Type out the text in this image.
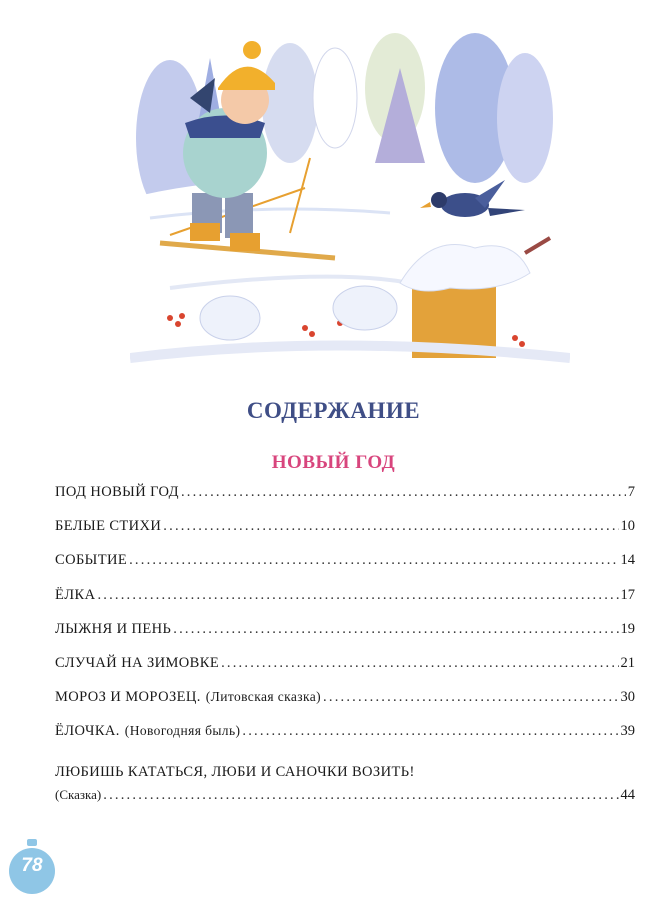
СОДЕРЖАНИЕ
НОВЫЙ ГОД
ПОД НОВЫЙ ГОД .....	7
БЕЛЫЕ СТИХИ .....	10
СОБЫТИЕ .....	14
ЁЛКА .....	17
ЛЫЖНЯ И ПЕНЬ .....	19
СЛУЧАЙ НА ЗИМОВКЕ .....	21
МОРОЗ И МОРОЗЕЦ. (Литовская сказка) .....	30
ЁЛОЧКА. (Новогодняя быль) .....	39
ЛЮБИШЬ КАТАТЬСЯ, ЛЮБИ И САНОЧКИ ВОЗИТЬ!
(Сказка) .....	44
78
